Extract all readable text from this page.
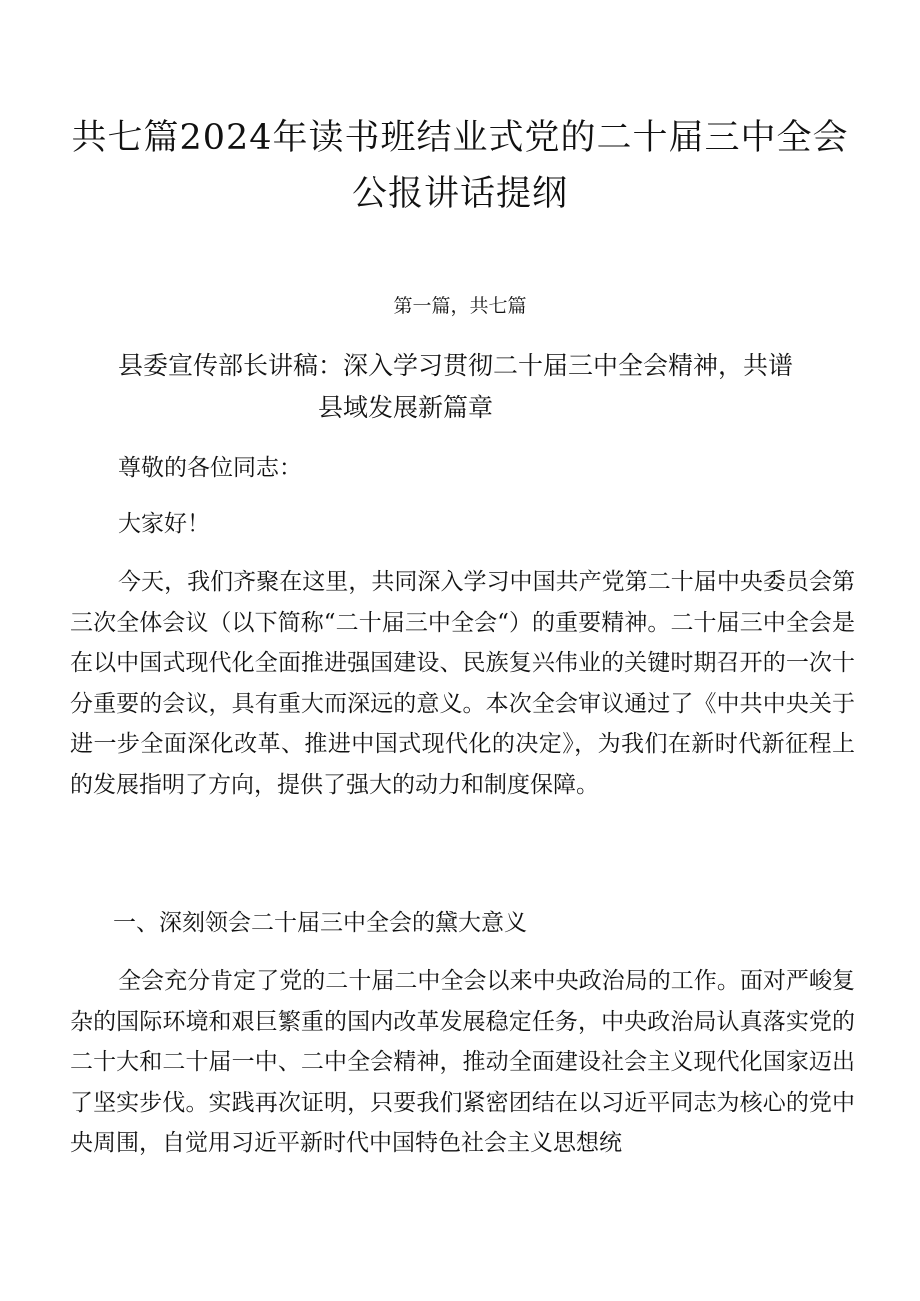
共七篇2024年读书班结业式党的二十届三中全会公报讲话提纲
第一篇，共七篇
县委宣传部长讲稿：深入学习贯彻二十届三中全会精神，共谱
县域发展新篇章

尊敬的各位同志：

大家好！

今天，我们齐聚在这里，共同深入学习中国共产党第二十届中央委员会第三次全体会议（以下简称“二十届三中全会“）的重要精神。二十届三中全会是在以中国式现代化全面推进强国建设、民族复兴伟业的关键时期召开的一次十分重要的会议，具有重大而深远的意义。本次全会审议通过了《中共中央关于进一步全面深化改革、推进中国式现代化的决定》，为我们在新时代新征程上的发展指明了方向，提供了强大的动力和制度保障。

一、深刻领会二十届三中全会的黛大意义

全会充分肯定了党的二十届二中全会以来中央政治局的工作。面对严峻复杂的国际环境和艰巨繁重的国内改革发展稳定任务，中央政治局认真落实党的二十大和二十届一中、二中全会精神，推动全面建设社会主义现代化国家迈出了坚实步伐。实践再次证明，只要我们紧密团结在以习近平同志为核心的党中央周围，自觉用习近平新时代中国特色社会主义思想统
